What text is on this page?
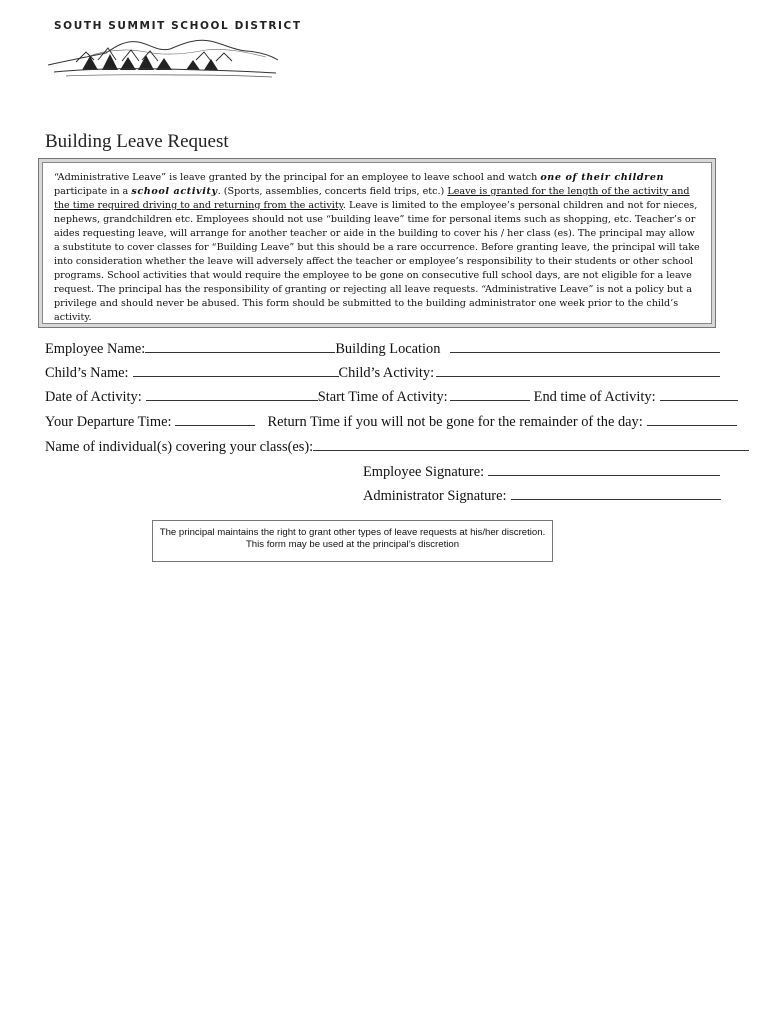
SOUTH SUMMIT SCHOOL DISTRICT
Building Leave Request
“Administrative Leave” is leave granted by the principal for an employee to leave school and watch one of their children participate in a school activity. (Sports, assemblies, concerts field trips, etc.) Leave is granted for the length of the activity and the time required driving to and returning from the activity. Leave is limited to the employee’s personal children and not for nieces, nephews, grandchildren etc. Employees should not use “building leave” time for personal items such as shopping, etc. Teacher’s or aides requesting leave, will arrange for another teacher or aide in the building to cover his / her class (es). The principal may allow a substitute to cover classes for “Building Leave” but this should be a rare occurrence. Before granting leave, the principal will take into consideration whether the leave will adversely affect the teacher or employee’s responsibility to their students or other school programs. School activities that would require the employee to be gone on consecutive full school days, are not eligible for a leave request. The principal has the responsibility of granting or rejecting all leave requests. “Administrative Leave” is not a policy but a privilege and should never be abused. This form should be submitted to the building administrator one week prior to the child’s activity.
Employee Name:	Building Location
Child’s Name:	Child’s Activity:
Date of Activity:	Start Time of Activity:	End time of Activity:
Your Departure Time:	Return Time if you will not be gone for the remainder of the day:
Name of individual(s) covering your class(es):
Employee Signature:
Administrator Signature:
The principal maintains the right to grant other types of leave requests at his/her discretion.
This form may be used at the principal’s discretion
